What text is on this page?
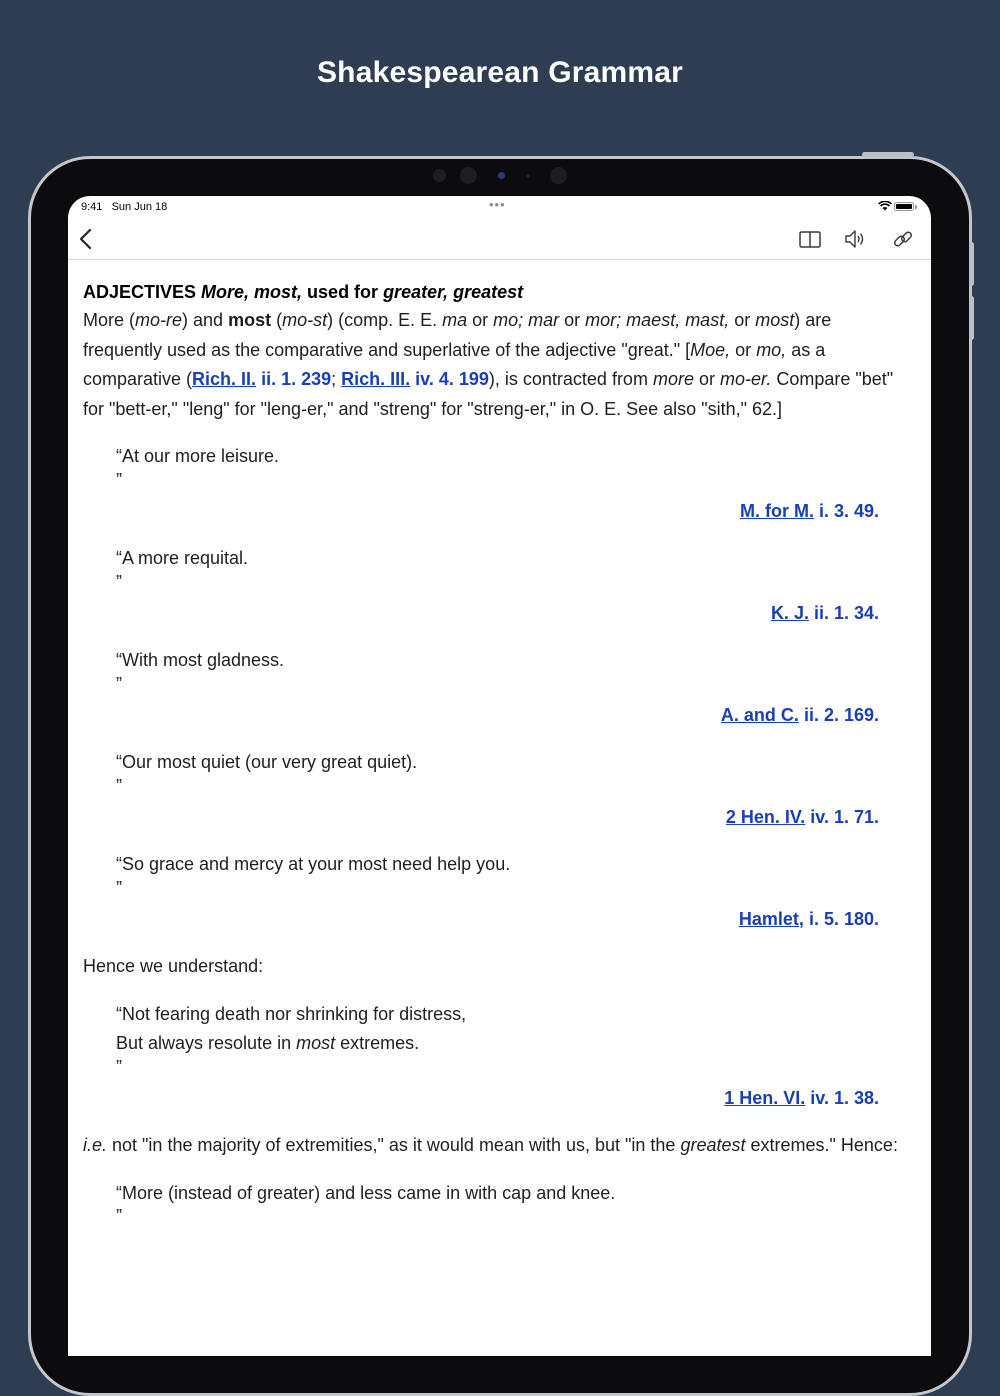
Shakespearean Grammar
9:41 Sun Jun 18	•••
ADJECTIVES More, most, used for greater, greatest

More (mo-re) and most (mo-st) (comp. E. E. ma or mo; mar or mor; maest, mast, or most) are frequently used as the comparative and superlative of the adjective "great." [Moe, or mo, as a comparative (Rich. II. ii. 1. 239; Rich. III. iv. 4. 199), is contracted from more or mo-er. Compare "bet" for "bett-er," "leng" for "leng-er," and "streng" for "streng-er," in O. E. See also "sith," 62.]

“At our more leisure.
”
M. for M. i. 3. 49.
“A more requital.
”
K. J. ii. 1. 34.
“With most gladness.
”
A. and C. ii. 2. 169.
“Our most quiet (our very great quiet).
”
2 Hen. IV. iv. 1. 71.
“So grace and mercy at your most need help you.
”
Hamlet, i. 5. 180.

Hence we understand:

“Not fearing death nor shrinking for distress,
But always resolute in most extremes.
”
1 Hen. VI. iv. 1. 38.

i.e. not "in the majority of extremities," as it would mean with us, but "in the greatest extremes." Hence:

“More (instead of greater) and less came in with cap and knee.
”
